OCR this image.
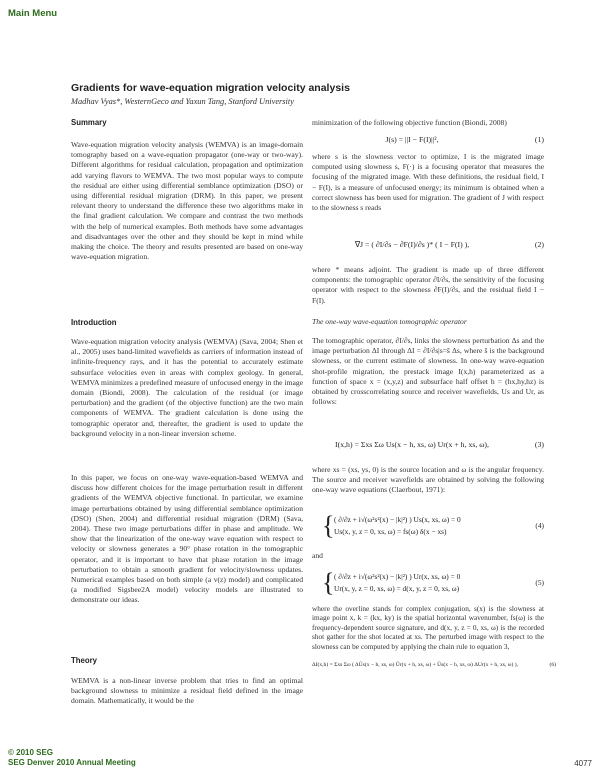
Main Menu
Gradients for wave-equation migration velocity analysis
Madhav Vyas*, WesternGeco and Yaxun Tang, Stanford University
Summary
Wave-equation migration velocity analysis (WEMVA) is an image-domain tomography based on a wave-equation propagator (one-way or two-way). Different algorithms for residual calculation, propagation and optimization add varying flavors to WEMVA. The two most popular ways to compute the residual are either using differential semblance optimization (DSO) or using differential residual migration (DRM). In this paper, we present relevant theory to understand the difference these two algorithms make in the final gradient calculation. We compare and contrast the two methods with the help of numerical examples. Both methods have some advantages and disadvantages over the other and they should be kept in mind while making the choice. The theory and results presented are based on one-way wave-equation migration.
Introduction
Wave-equation migration velocity analysis (WEMVA) (Sava, 2004; Shen et al., 2005) uses band-limited wavefields as carriers of information instead of infinite-frequency rays, and it has the potential to accurately estimate subsurface velocities even in areas with complex geology. In general, WEMVA minimizes a predefined measure of unfocused energy in the image domain (Biondi, 2008). The calculation of the residual (or image perturbation) and the gradient (of the objective function) are the two main components of WEMVA. The gradient calculation is done using the tomographic operator and, thereafter, the gradient is used to update the background velocity in a non-linear inversion scheme.
In this paper, we focus on one-way wave-equation-based WEMVA and discuss how different choices for the image perturbation result in different gradients of the WEMVA objective functional. In particular, we examine image perturbations obtained by using differential semblance optimization (DSO) (Shen, 2004) and differential residual migration (DRM) (Sava, 2004). These two image perturbations differ in phase and amplitude. We show that the linearization of the one-way wave equation with respect to velocity or slowness generates a 90° phase rotation in the tomographic operator, and it is important to have that phase rotation in the image perturbation to obtain a smooth gradient for velocity/slowness updates. Numerical examples based on both simple (a v(z) model) and complicated (a modified Sigsbee2A model) velocity models are illustrated to demonstrate our ideas.
Theory
WEMVA is a non-linear inverse problem that tries to find an optimal background slowness to minimize a residual field defined in the image domain. Mathematically, it would be the
minimization of the following objective function (Biondi, 2008)
J(s) = ||I − F(I)||²,	(1)
where s is the slowness vector to optimize, I is the migrated image computed using slowness s, F(·) is a focusing operator that measures the focusing of the migrated image. With these definitions, the residual field, I − F(I), is a measure of unfocused energy; its minimum is obtained when a correct slowness has been used for migration. The gradient of J with respect to the slowness s reads
∇J = ( ∂I/∂s − ∂F(I)/∂s )* ( I − F(I) ),	(2)
where * means adjoint. The gradient is made up of three different components: the tomographic operator ∂I/∂s, the sensitivity of the focusing operator with respect to the slowness ∂F(I)/∂s, and the residual field I − F(I).
The one-way wave-equation tomographic operator
The tomographic operator, ∂I/∂s, links the slowness perturbation Δs and the image perturbation ΔI through ΔI = ∂I/∂s|s=ŝ Δs, where ŝ is the background slowness, or the current estimate of slowness. In one-way wave-equation shot-profile migration, the prestack image I(x,h) parameterized as a function of space x = (x,y,z) and subsurface half offset h = (hx,hy,hz) is obtained by crosscorrelating source and receiver wavefields, Us and Ur, as follows:
I(x,h) = Σxs Σω Us(x − h, xs, ω) Ur(x + h, xs, ω),	(3)
where xs = (xs, ys, 0) is the source location and ω is the angular frequency. The source and receiver wavefields are obtained by solving the following one-way wave equations (Claerbout, 1971):
{ ( ∂/∂z + i√(ω²s²(x) − |k|²) ) Us(x, xs, ω) = 0
Us(x, y, z = 0, xs, ω) = fs(ω) δ(x − xs)
(4)
and
{ ( ∂/∂z + i√(ω²s²(x) − |k|²) ) Ur(x, xs, ω) = 0
Ur(x, y, z = 0, xs, ω) = d(x, y, z = 0, xs, ω)
(5)
where the overline stands for complex conjugation, s(x) is the slowness at image point x, k = (kx, ky) is the spatial horizontal wavenumber, fs(ω) is the frequency-dependent source signature, and d(x, y, z = 0, xs, ω) is the recorded shot gather for the shot located at xs. The perturbed image with respect to the slowness can be computed by applying the chain rule to equation 3,
ΔI(x,h) = Σxs Σω ( ΔŪs(x − h, xs, ω) Ûr(x + h, xs, ω) + Ūs(x − h, xs, ω) ΔUr(x + h, xs, ω) ),	(6)
© 2010 SEG
SEG Denver 2010 Annual Meeting	4077
